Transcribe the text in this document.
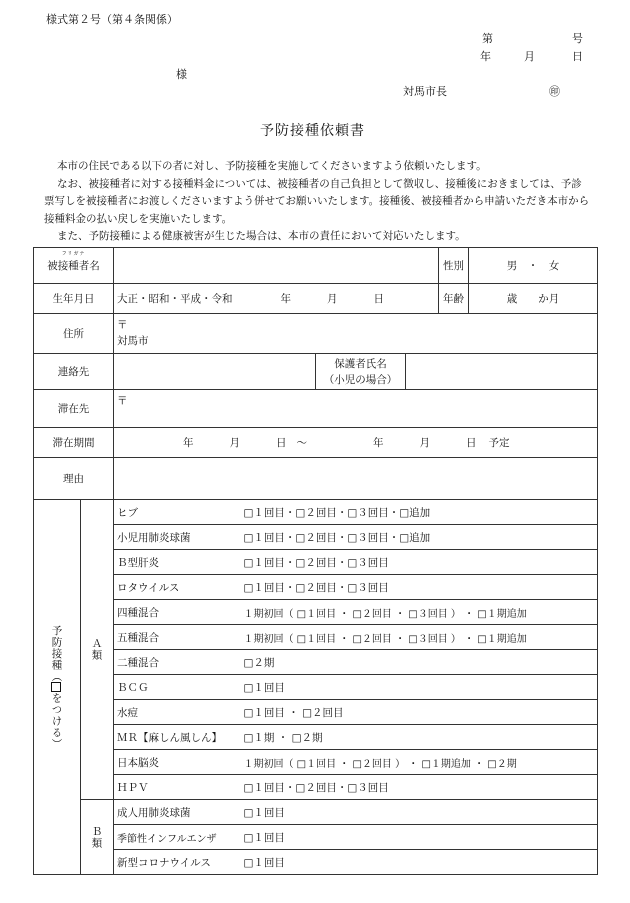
様式第２号（第４条関係）
第	号
年	月	日
様
対馬市長	㊞
予防接種依頼書

本市の住民である以下の者に対し、予防接種を実施してくださいますよう依頼いたします。

なお、被接種者に対する接種料金については、被接種者の自己負担として徴収し、接種後におきましては、予診票写しを被接種者にお渡しくださいますよう併せてお願いいたします。接種後、被接種者から申請いただき本市から接種料金の払い戻しを実施いたします。

また、予防接種による健康被害が生じた場合は、本市の責任において対応いたします。

フリガナ
被接種者名						性別	男　・　女
生年月日		大正・昭和・平成・令和 年 月 日				年齢	歳　　か月
住所		〒
対馬市					

連絡先				保護者氏名
（小児の場合）			

滞在先		〒					
滞在期間		年 月 日 ～ 年 月 日 予定					
理由							

予防接種（をつける）	Ａ類	ヒブ	□１回目・□２回目・□３回目・□追加				
		小児用肺炎球菌	□１回目・□２回目・□３回目・□追加				
		Ｂ型肝炎	□１回目・□２回目・□３回目				
		ロタウイルス	□１回目・□２回目・□３回目				
		四種混合	１期初回（ □１回目 ・ □２回目 ・ □３回目 ） ・ □１期追加				
		五種混合	１期初回（ □１回目 ・ □２回目 ・ □３回目 ） ・ □１期追加				
		二種混合	□２期				
		ＢＣＧ	□１回目				
		水痘	□１回目 ・ □２回目				
		ＭＲ【麻しん風しん】	□１期 ・ □２期				
		日本脳炎	１期初回（ □１回目 ・ □２回目 ） ・ □１期追加 ・ □２期				
		ＨＰＶ	□１回目・□２回目・□３回目				

	Ｂ類	成人用肺炎球菌	□１回目				
		季節性インフルエンザ	□１回目				
		新型コロナウイルス	□１回目				
